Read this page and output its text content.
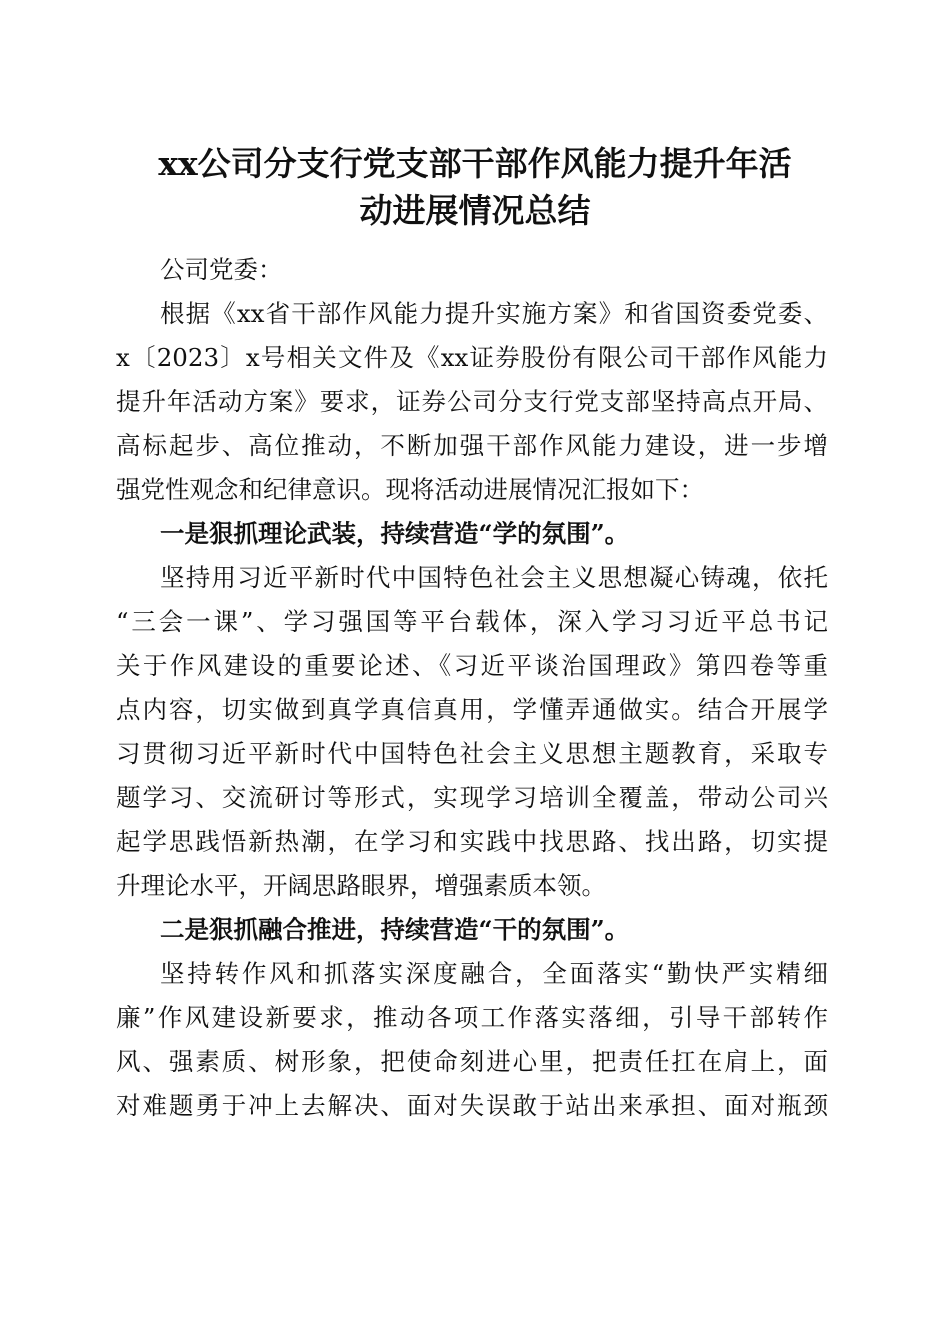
xx公司分支行党支部干部作风能力提升年活
动进展情况总结
公司党委：
根据《xx省干部作风能力提升实施方案》和省国资委党委、
x〔2023〕x号相关文件及《xx证券股份有限公司干部作风能力
提升年活动方案》要求，证券公司分支行党支部坚持高点开局、
高标起步、高位推动，不断加强干部作风能力建设，进一步增
强党性观念和纪律意识。现将活动进展情况汇报如下：
一是狠抓理论武装，持续营造“学的氛围”。
坚持用习近平新时代中国特色社会主义思想凝心铸魂，依托
“三会一课”、学习强国等平台载体，深入学习习近平总书记
关于作风建设的重要论述、《习近平谈治国理政》第四卷等重
点内容，切实做到真学真信真用，学懂弄通做实。结合开展学
习贯彻习近平新时代中国特色社会主义思想主题教育，采取专
题学习、交流研讨等形式，实现学习培训全覆盖，带动公司兴
起学思践悟新热潮，在学习和实践中找思路、找出路，切实提
升理论水平，开阔思路眼界，增强素质本领。
二是狠抓融合推进，持续营造“干的氛围”。
坚持转作风和抓落实深度融合，全面落实“勤快严实精细
廉”作风建设新要求，推动各项工作落实落细，引导干部转作
风、强素质、树形象，把使命刻进心里，把责任扛在肩上，面
对难题勇于冲上去解决、面对失误敢于站出来承担、面对瓶颈
